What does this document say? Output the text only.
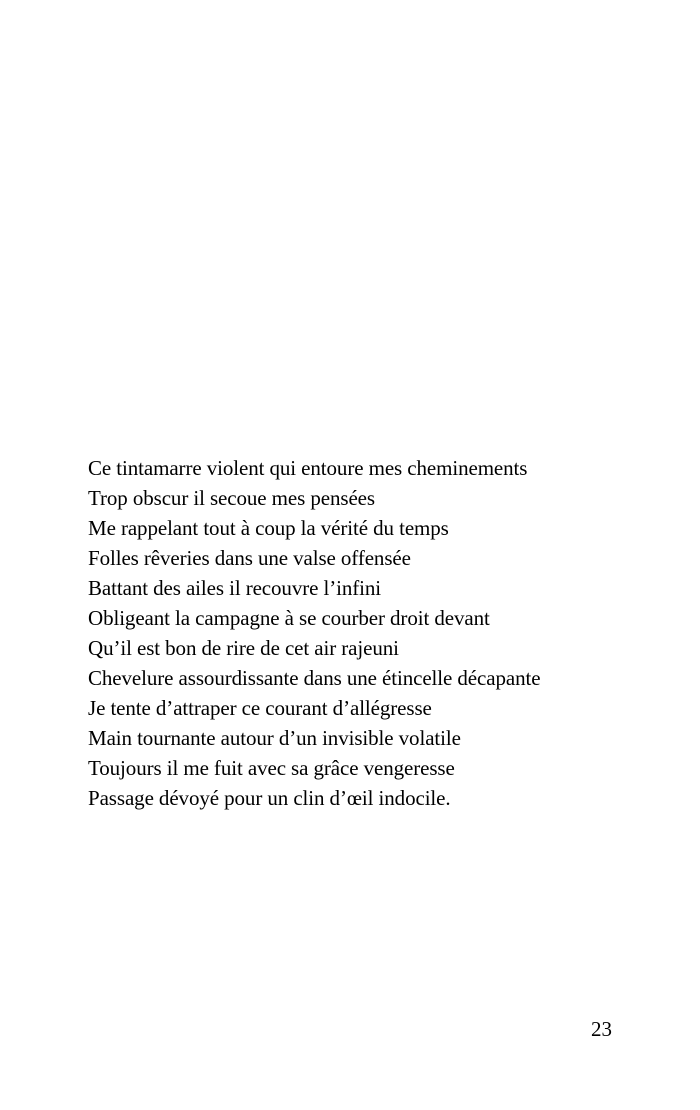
Ce tintamarre violent qui entoure mes cheminements
Trop obscur il secoue mes pensées
Me rappelant tout à coup la vérité du temps
Folles rêveries dans une valse offensée
Battant des ailes il recouvre l’infini
Obligeant la campagne à se courber droit devant
Qu’il est bon de rire de cet air rajeuni
Chevelure assourdissante dans une étincelle décapante
Je tente d’attraper ce courant d’allégresse
Main tournante autour d’un invisible volatile
Toujours il me fuit avec sa grâce vengeresse
Passage dévoyé pour un clin d’œil indocile.
23
